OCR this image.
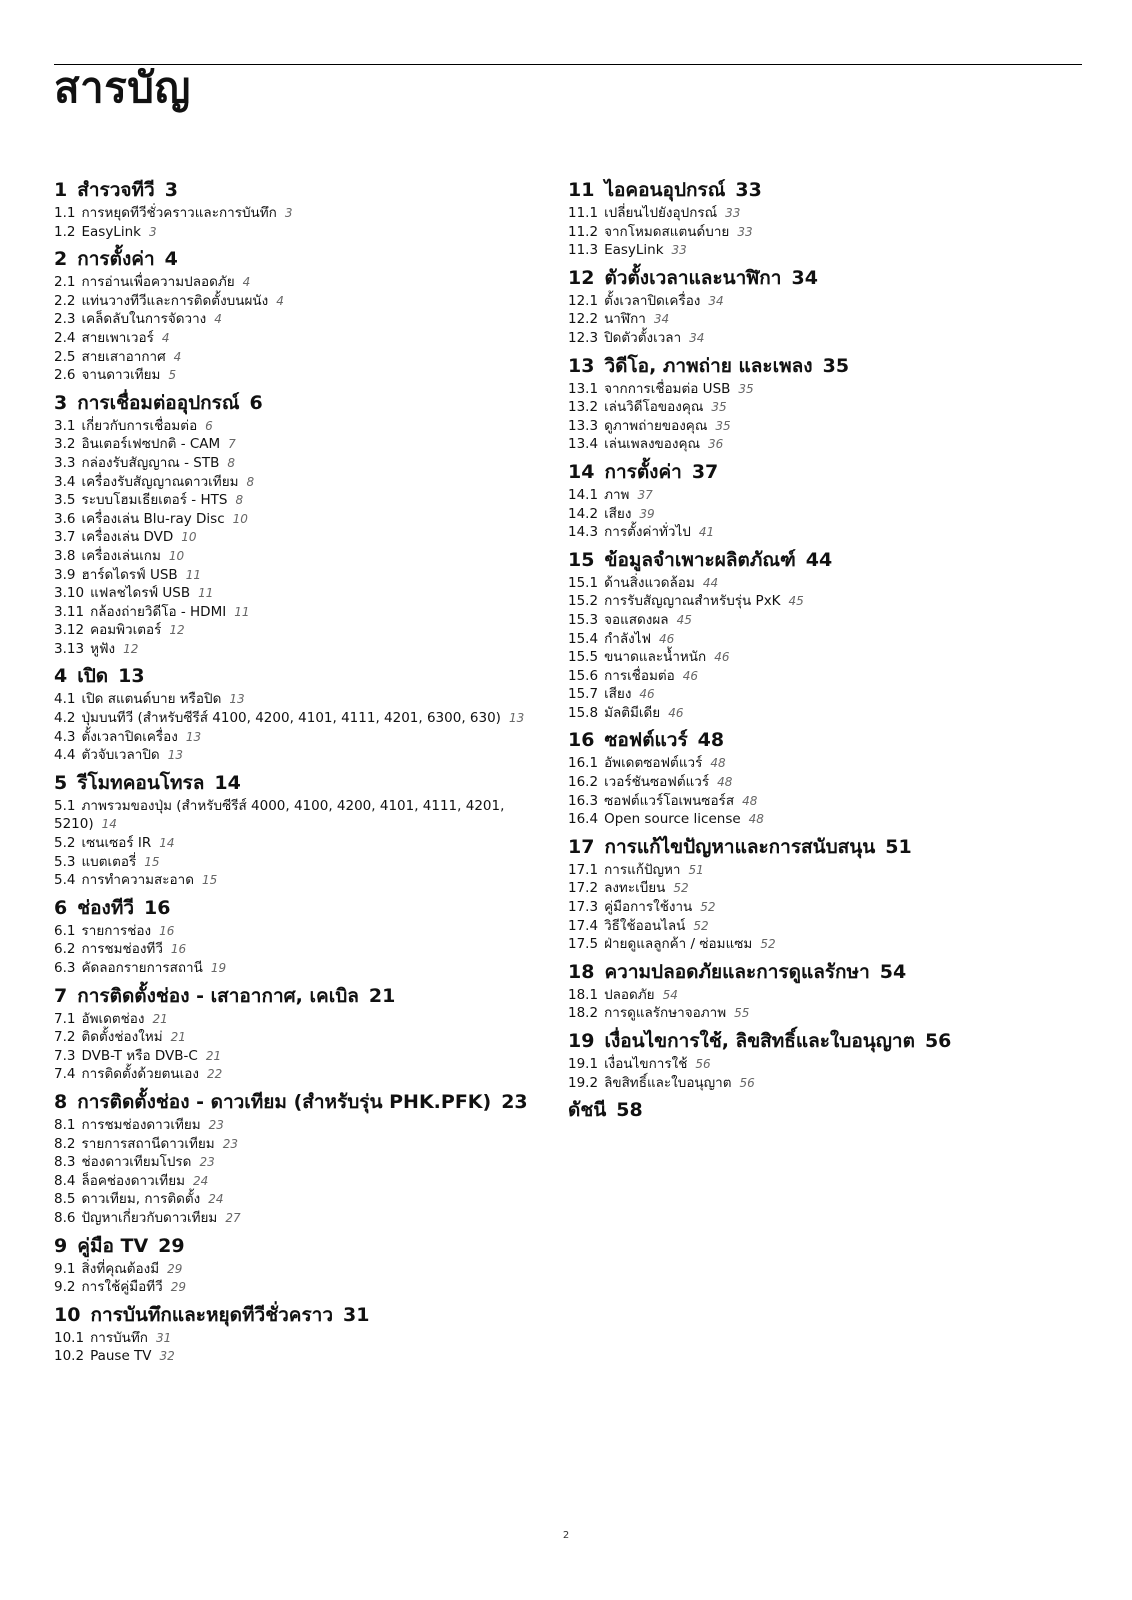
สารบัญ
1 สำรวจทีวี 3
1.1 การหยุดทีวีชั่วคราวและการบันทึก 3
1.2 EasyLink 3
2 การตั้งค่า 4
2.1 การอ่านเพื่อความปลอดภัย 4
2.2 แท่นวางทีวีและการติดตั้งบนผนัง 4
2.3 เคล็ดลับในการจัดวาง 4
2.4 สายเพาเวอร์ 4
2.5 สายเสาอากาศ 4
2.6 จานดาวเทียม 5
3 การเชื่อมต่ออุปกรณ์ 6
3.1 เกี่ยวกับการเชื่อมต่อ 6
3.2 อินเตอร์เฟซปกติ - CAM 7
3.3 กล่องรับสัญญาณ - STB 8
3.4 เครื่องรับสัญญาณดาวเทียม 8
3.5 ระบบโฮมเธียเตอร์ - HTS 8
3.6 เครื่องเล่น Blu-ray Disc 10
3.7 เครื่องเล่น DVD 10
3.8 เครื่องเล่นเกม 10
3.9 ฮาร์ดไดรฟ์ USB 11
3.10 แฟลชไดรฟ์ USB 11
3.11 กล้องถ่ายวิดีโอ - HDMI 11
3.12 คอมพิวเตอร์ 12
3.13 หูฟัง 12
4 เปิด 13
4.1 เปิด สแตนด์บาย หรือปิด 13
4.2 ปุ่มบนทีวี (สำหรับซีรีส์ 4100, 4200, 4101, 4111, 4201, 6300, 630) 13
4.3 ตั้งเวลาปิดเครื่อง 13
4.4 ตัวจับเวลาปิด 13
5 รีโมทคอนโทรล 14
5.1 ภาพรวมของปุ่ม (สำหรับซีรีส์ 4000, 4100, 4200, 4101, 4111, 4201, 5210) 14
5.2 เซนเซอร์ IR 14
5.3 แบตเตอรี่ 15
5.4 การทำความสะอาด 15
6 ช่องทีวี 16
6.1 รายการช่อง 16
6.2 การชมช่องทีวี 16
6.3 คัดลอกรายการสถานี 19
7 การติดตั้งช่อง - เสาอากาศ, เคเบิล 21
7.1 อัพเดตช่อง 21
7.2 ติดตั้งช่องใหม่ 21
7.3 DVB-T หรือ DVB-C 21
7.4 การติดตั้งด้วยตนเอง 22
8 การติดตั้งช่อง - ดาวเทียม (สำหรับรุ่น PHK.PFK) 23
8.1 การชมช่องดาวเทียม 23
8.2 รายการสถานีดาวเทียม 23
8.3 ช่องดาวเทียมโปรด 23
8.4 ล็อคช่องดาวเทียม 24
8.5 ดาวเทียม, การติดตั้ง 24
8.6 ปัญหาเกี่ยวกับดาวเทียม 27
9 คู่มือ TV 29
9.1 สิ่งที่คุณต้องมี 29
9.2 การใช้คู่มือทีวี 29
10 การบันทึกและหยุดทีวีชั่วคราว 31
10.1 การบันทึก 31
10.2 Pause TV 32
11 ไอคอนอุปกรณ์ 33
11.1 เปลี่ยนไปยังอุปกรณ์ 33
11.2 จากโหมดสแตนด์บาย 33
11.3 EasyLink 33
12 ตัวตั้งเวลาและนาฬิกา 34
12.1 ตั้งเวลาปิดเครื่อง 34
12.2 นาฬิกา 34
12.3 ปิดตัวตั้งเวลา 34
13 วิดีโอ, ภาพถ่าย และเพลง 35
13.1 จากการเชื่อมต่อ USB 35
13.2 เล่นวิดีโอของคุณ 35
13.3 ดูภาพถ่ายของคุณ 35
13.4 เล่นเพลงของคุณ 36
14 การตั้งค่า 37
14.1 ภาพ 37
14.2 เสียง 39
14.3 การตั้งค่าทั่วไป 41
15 ข้อมูลจำเพาะผลิตภัณฑ์ 44
15.1 ด้านสิ่งแวดล้อม 44
15.2 การรับสัญญาณสำหรับรุ่น PxK 45
15.3 จอแสดงผล 45
15.4 กำลังไฟ 46
15.5 ขนาดและน้ำหนัก 46
15.6 การเชื่อมต่อ 46
15.7 เสียง 46
15.8 มัลติมีเดีย 46
16 ซอฟต์แวร์ 48
16.1 อัพเดตซอฟต์แวร์ 48
16.2 เวอร์ชันซอฟต์แวร์ 48
16.3 ซอฟต์แวร์โอเพนซอร์ส 48
16.4 Open source license 48
17 การแก้ไขปัญหาและการสนับสนุน 51
17.1 การแก้ปัญหา 51
17.2 ลงทะเบียน 52
17.3 คู่มือการใช้งาน 52
17.4 วิธีใช้ออนไลน์ 52
17.5 ฝ่ายดูแลลูกค้า / ซ่อมแซม 52
18 ความปลอดภัยและการดูแลรักษา 54
18.1 ปลอดภัย 54
18.2 การดูแลรักษาจอภาพ 55
19 เงื่อนไขการใช้, ลิขสิทธิ์และใบอนุญาต 56
19.1 เงื่อนไขการใช้ 56
19.2 ลิขสิทธิ์และใบอนุญาต 56
ดัชนี 58
2
